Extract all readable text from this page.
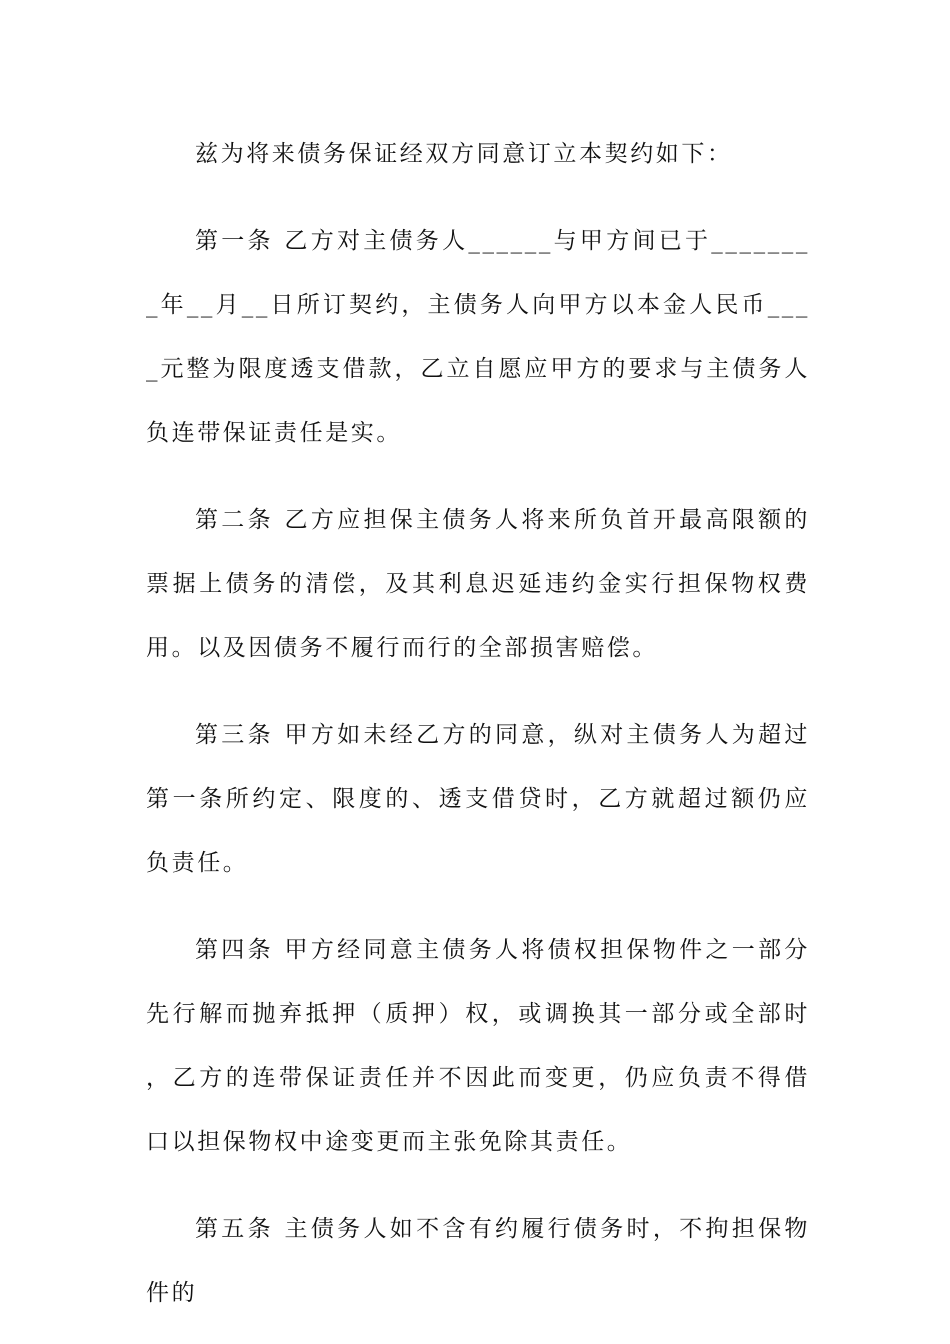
兹为将来债务保证经双方同意订立本契约如下：

第一条 乙方对主债务人______与甲方间已于________年__月__日所订契约，主债务人向甲方以本金人民币____元整为限度透支借款，乙立自愿应甲方的要求与主债务人负连带保证责任是实。

第二条 乙方应担保主债务人将来所负首开最高限额的票据上债务的清偿，及其利息迟延违约金实行担保物权费用。以及因债务不履行而行的全部损害赔偿。

第三条 甲方如未经乙方的同意，纵对主债务人为超过第一条所约定、限度的、透支借贷时，乙方就超过额仍应负责任。

第四条 甲方经同意主债务人将债权担保物件之一部分先行解而抛弃抵押（质押）权，或调换其一部分或全部时，乙方的连带保证责任并不因此而变更，仍应负责不得借口以担保物权中途变更而主张免除其责任。

第五条 主债务人如不含有约履行债务时，不拘担保物件的
